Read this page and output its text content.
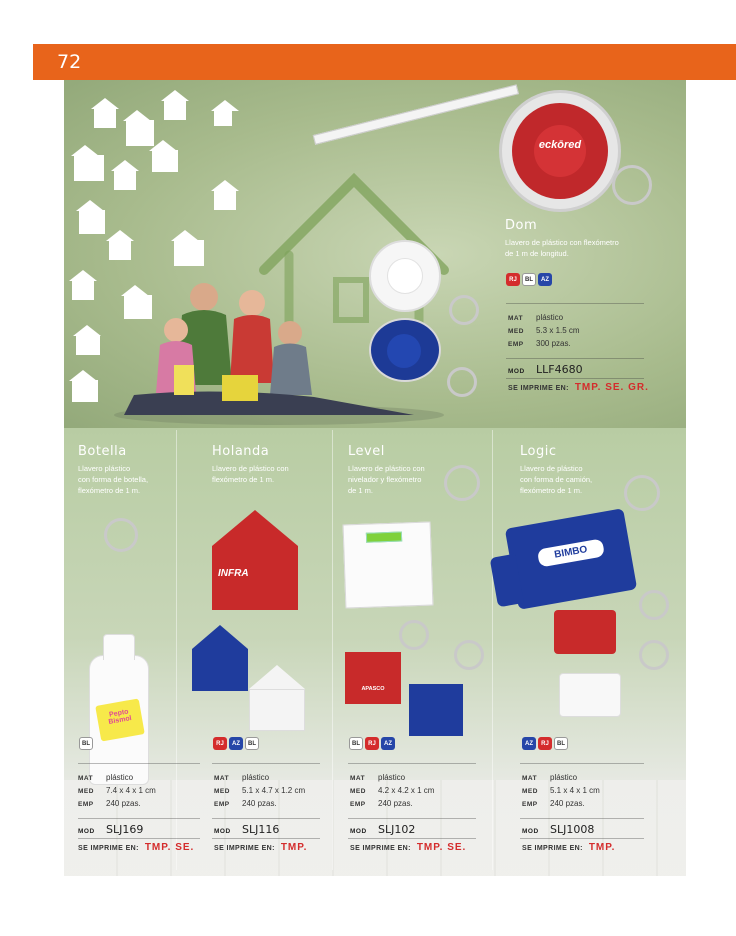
72
eckōred
Dom
Llavero de plástico con flexómetro
de 1 m de longitud.
RJ	BL	AZ
MAT	plástico
MED	5.3 x 1.5 cm
EMP	300 pzas.
MOD	LLF4680
SE IMPRIME EN: TMP. SE. GR.
Botella
Llavero plástico
con forma de botella,
flexómetro de 1 m.
Pepto Bismol
BL
MAT	plástico
MED	7.4 x 4 x 1 cm
EMP	240 pzas.
MOD	SLJ169
SE IMPRIME EN: TMP. SE.
Holanda
Llavero de plástico con
flexómetro de 1 m.
INFRA
RJ	AZ	BL
MAT	plástico
MED	5.1 x 4.7 x 1.2 cm
EMP	240 pzas.
MOD	SLJ116
SE IMPRIME EN: TMP.
Level
Llavero de plástico con
nivelador y flexómetro
de 1 m.
APASCO
BL	RJ	AZ
MAT	plástico
MED	4.2 x 4.2 x 1 cm
EMP	240 pzas.
MOD	SLJ102
SE IMPRIME EN: TMP. SE.
Logic
Llavero de plástico
con forma de camión,
flexómetro de 1 m.
BIMBO
AZ	RJ	BL
MAT	plástico
MED	5.1 x 4 x 1 cm
EMP	240 pzas.
MOD	SLJ1008
SE IMPRIME EN: TMP.
